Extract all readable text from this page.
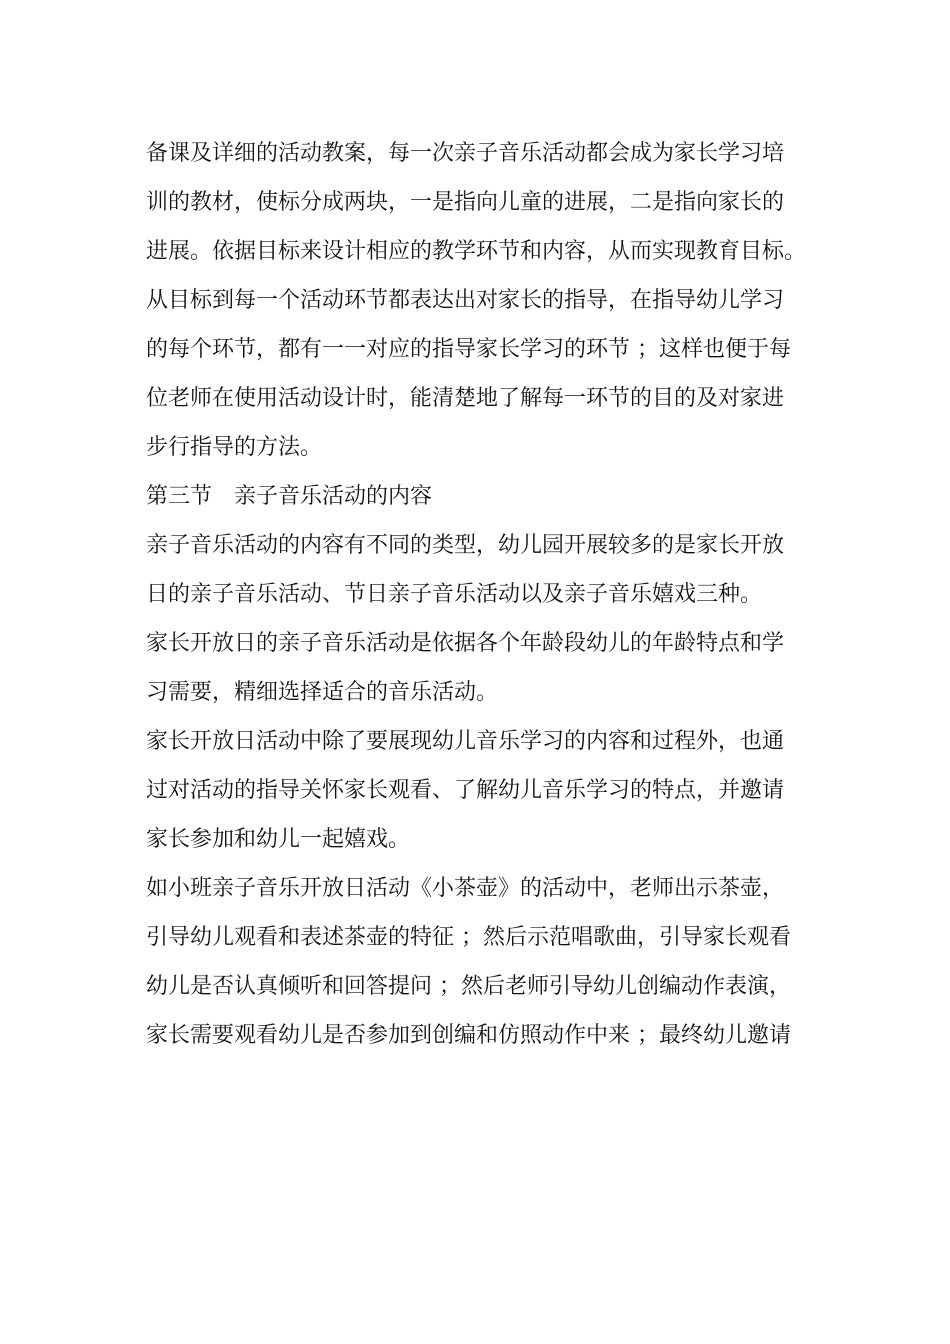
备课及详细的活动教案，每一次亲子音乐活动都会成为家长学习培
训的教材，使标分成两块，一是指向儿童的进展，二是指向家长的
进展。依据目标来设计相应的教学环节和内容，从而实现教育目标。
从目标到每一个活动环节都表达出对家长的指导，在指导幼儿学习
的每个环节，都有一一对应的指导家长学习的环节 ；这样也便于每
位老师在使用活动设计时，能清楚地了解每一环节的目的及对家进
步行指导的方法。
第三节　亲子音乐活动的内容
亲子音乐活动的内容有不同的类型，幼儿园开展较多的是家长开放
日的亲子音乐活动、节日亲子音乐活动以及亲子音乐嬉戏三种。
家长开放日的亲子音乐活动是依据各个年龄段幼儿的年龄特点和学
习需要，精细选择适合的音乐活动。
家长开放日活动中除了要展现幼儿音乐学习的内容和过程外，也通
过对活动的指导关怀家长观看、了解幼儿音乐学习的特点，并邀请
家长参加和幼儿一起嬉戏。
如小班亲子音乐开放日活动《小茶壶》的活动中，老师出示茶壶，
引导幼儿观看和表述茶壶的特征 ；然后示范唱歌曲，引导家长观看
幼儿是否认真倾听和回答提问 ；然后老师引导幼儿创编动作表演，
家长需要观看幼儿是否参加到创编和仿照动作中来 ；最终幼儿邀请
